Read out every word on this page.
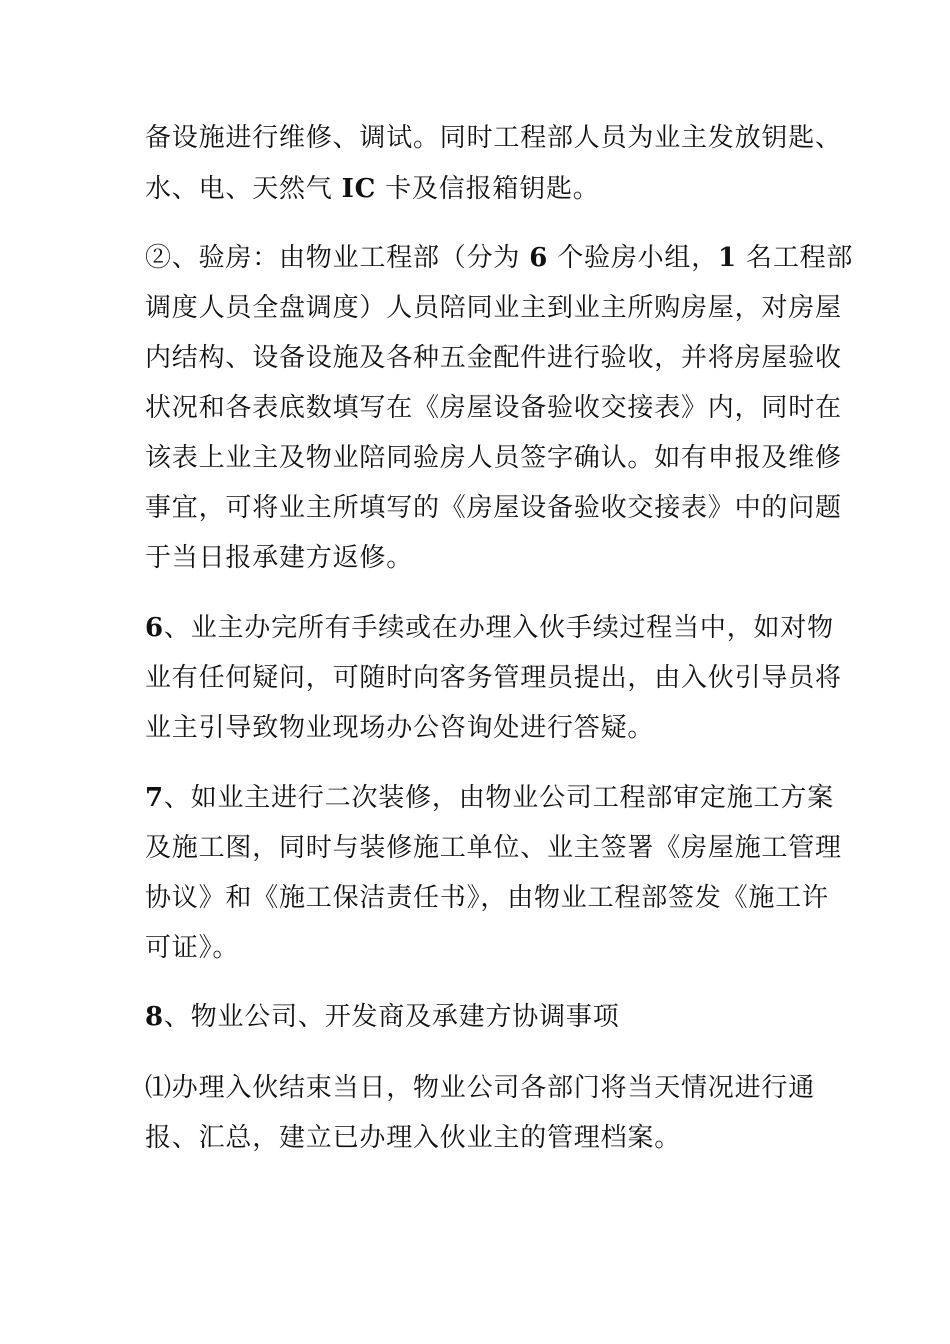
备设施进行维修、调试。同时工程部人员为业主发放钥匙、
水、电、天然气 IC 卡及信报箱钥匙。
②、验房：由物业工程部（分为 6 个验房小组，1 名工程部
调度人员全盘调度）人员陪同业主到业主所购房屋，对房屋
内结构、设备设施及各种五金配件进行验收，并将房屋验收
状况和各表底数填写在《房屋设备验收交接表》内，同时在
该表上业主及物业陪同验房人员签字确认。如有申报及维修
事宜，可将业主所填写的《房屋设备验收交接表》中的问题
于当日报承建方返修。
6、业主办完所有手续或在办理入伙手续过程当中，如对物
业有任何疑问，可随时向客务管理员提出，由入伙引导员将
业主引导致物业现场办公咨询处进行答疑。
7、如业主进行二次装修，由物业公司工程部审定施工方案
及施工图，同时与装修施工单位、业主签署《房屋施工管理
协议》和《施工保洁责任书》，由物业工程部签发《施工许
可证》。
8、物业公司、开发商及承建方协调事项
⑴办理入伙结束当日，物业公司各部门将当天情况进行通
报、汇总，建立已办理入伙业主的管理档案。
